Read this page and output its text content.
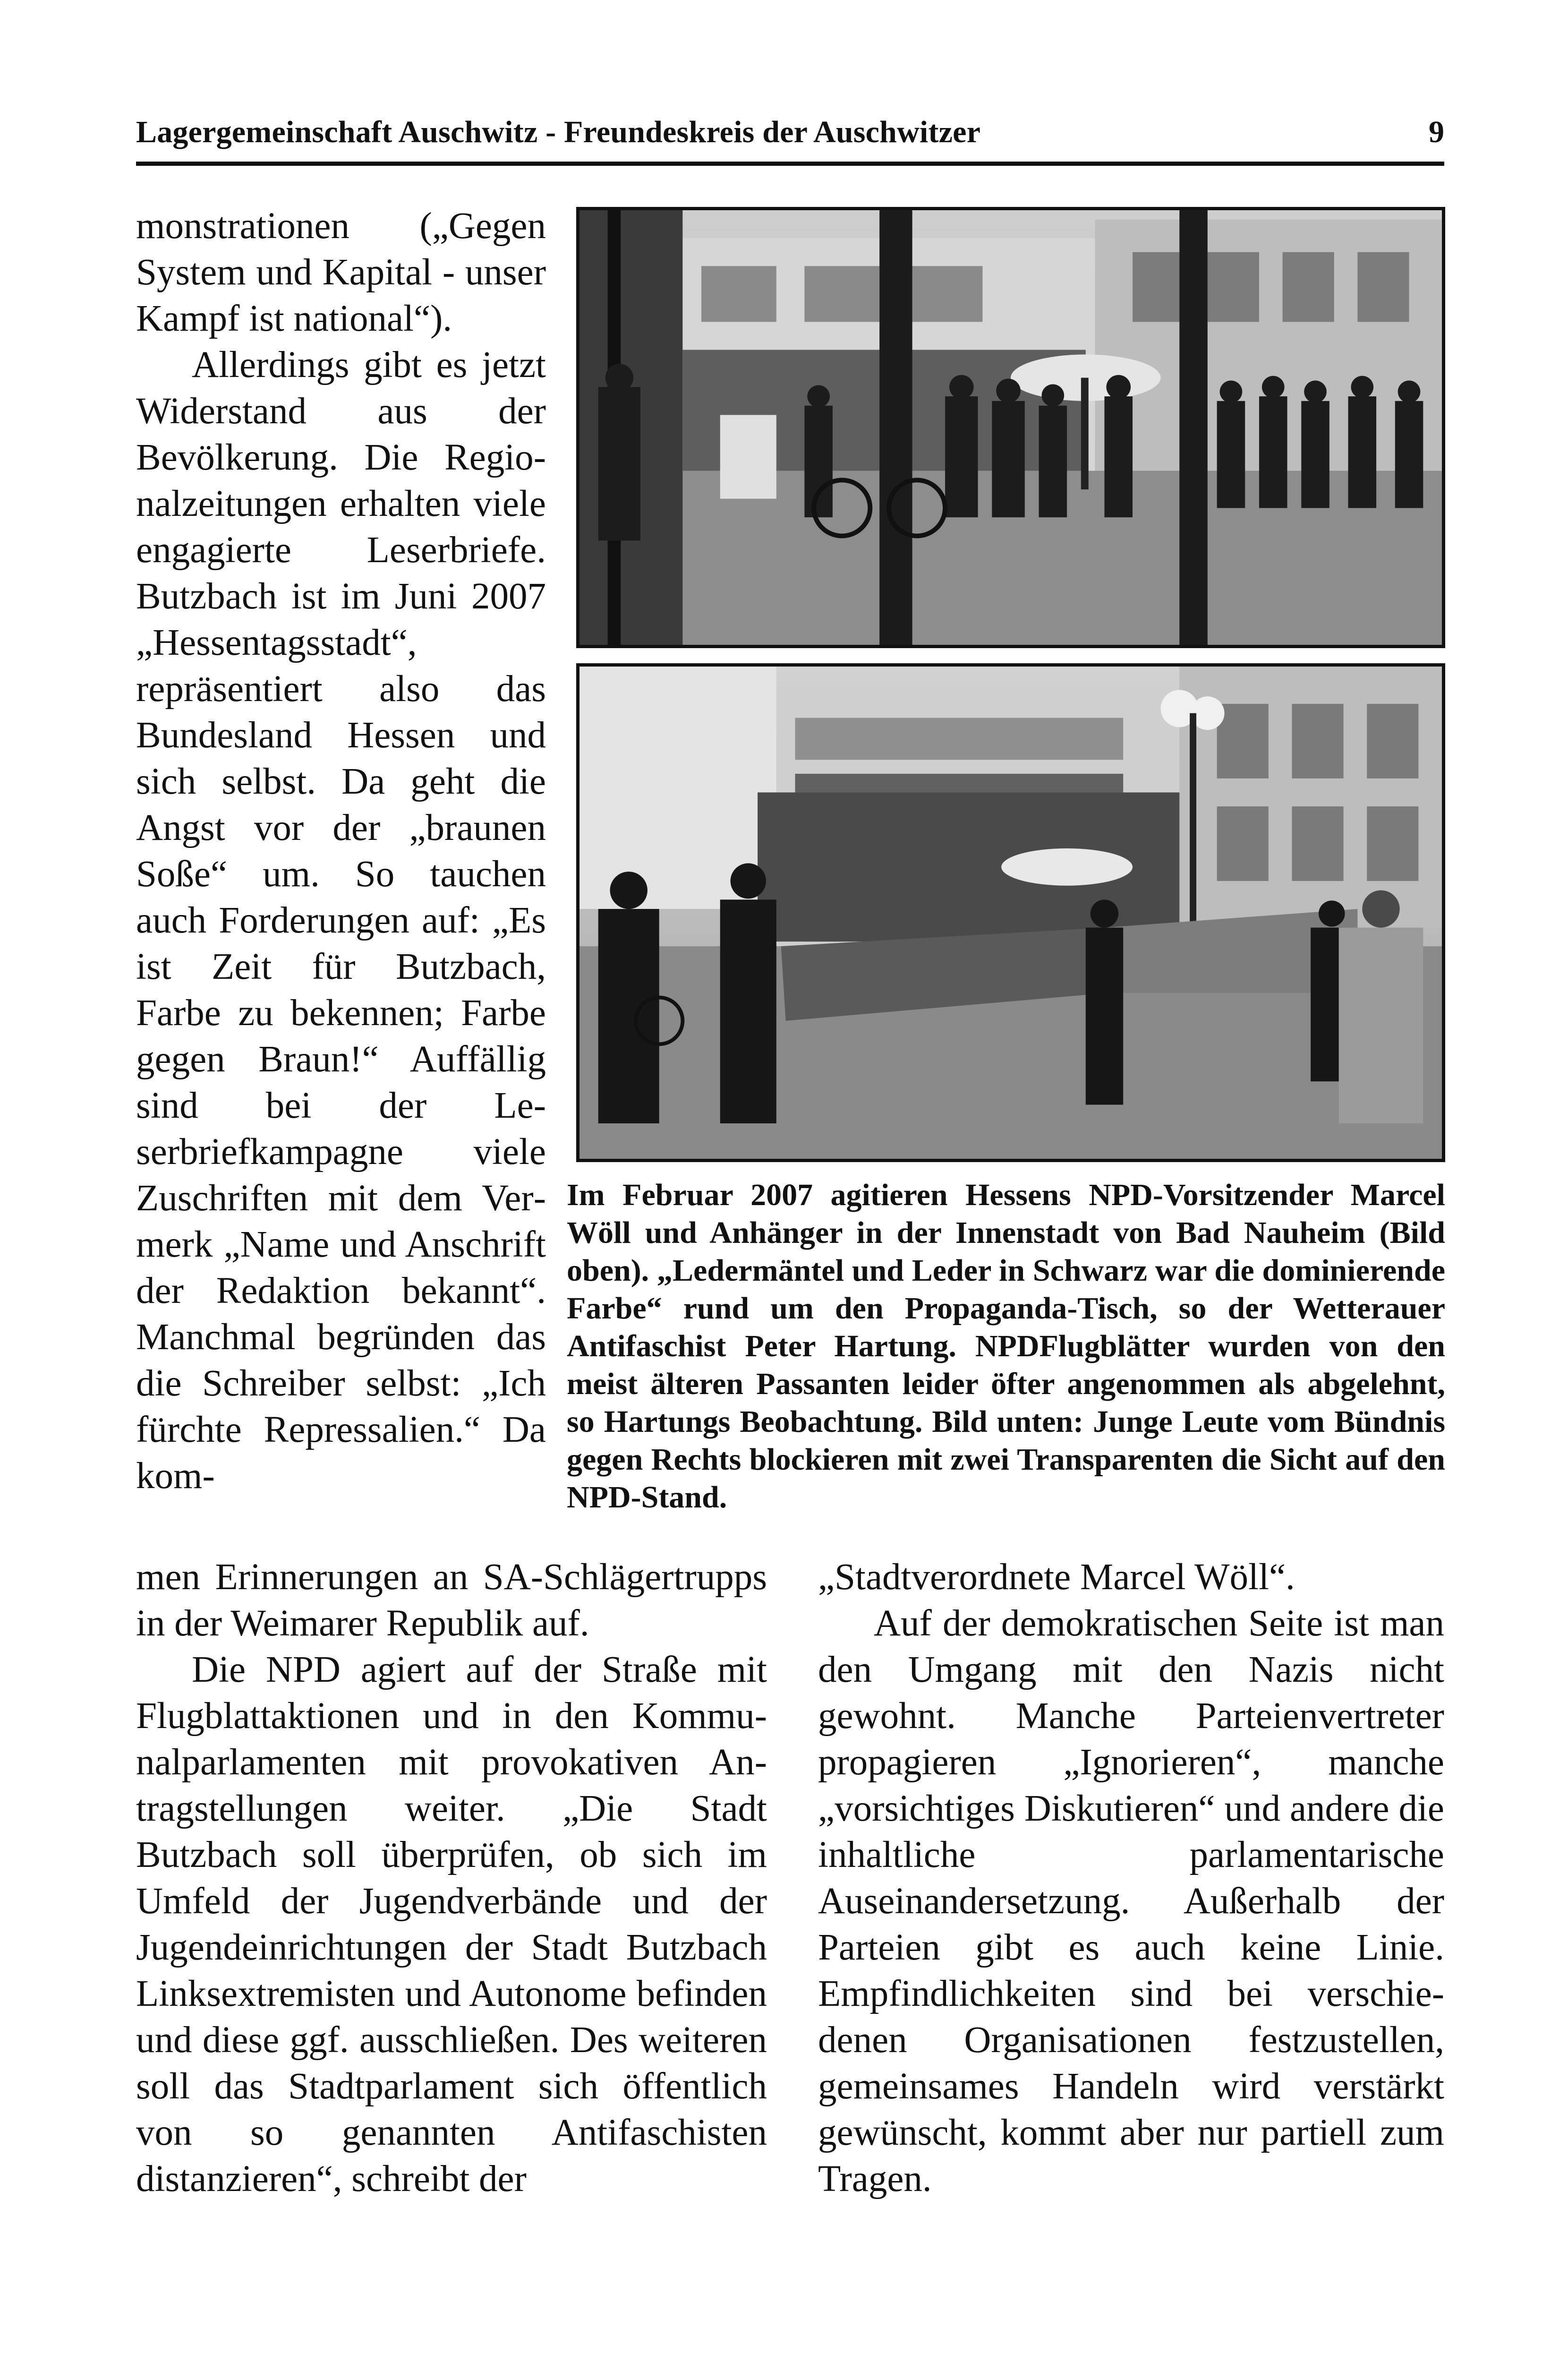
Lagergemeinschaft Auschwitz - Freundeskreis der Auschwitzer	9

monstrationen („Gegen System und Kapital - unser Kampf ist national“).

Allerdings gibt es jetzt Widerstand aus der Bevölkerung. Die Regionalzeitungen erhalten viele engagierte Leserbriefe. Butzbach ist im Juni 2007 „Hessentagsstadt“, repräsentiert also das Bundesland Hessen und sich selbst. Da geht die Angst vor der „braunen Soße“ um. So tauchen auch Forderungen auf: „Es ist Zeit für Butzbach, Farbe zu bekennen; Farbe gegen Braun!“ Auffällig sind bei der Leserbriefkampagne viele Zuschriften mit dem Vermerk „Name und Anschrift der Redaktion bekannt“. Manchmal begründen das die Schreiber selbst: „Ich fürchte Repressalien.“ Da kom-

Im Februar 2007 agitieren Hessens NPD-Vorsitzender Marcel Wöll und Anhänger in der Innenstadt von Bad Nauheim (Bild oben). „Ledermäntel und Leder in Schwarz war die dominierende Farbe“ rund um den Propaganda-Tisch, so der Wetterauer Antifaschist Peter Hartung. NPDFlugblätter wurden von den meist älteren Passanten leider öfter angenommen als abgelehnt, so Hartungs Beobachtung. Bild unten: Junge Leute vom Bündnis gegen Rechts blockieren mit zwei Transparenten die Sicht auf den NPD-Stand.

men Erinnerungen an SA-Schlägertrupps in der Weimarer Republik auf.

Die NPD agiert auf der Straße mit Flugblattaktionen und in den Kommunalparlamenten mit provokativen Antragstellungen weiter. „Die Stadt Butzbach soll überprüfen, ob sich im Umfeld der Jugendverbände und der Jugendeinrichtungen der Stadt Butzbach Linksextremisten und Autonome befinden und diese ggf. ausschließen. Des weiteren soll das Stadtparlament sich öffentlich von so genannten Antifaschisten distanzieren“, schreibt der

„Stadtverordnete Marcel Wöll“.

Auf der demokratischen Seite ist man den Umgang mit den Nazis nicht gewohnt. Manche Parteienvertreter propagieren „Ignorieren“, manche „vorsichtiges Diskutieren“ und andere die inhaltliche parlamentarische Auseinandersetzung. Außerhalb der Parteien gibt es auch keine Linie. Empfindlichkeiten sind bei verschiedenen Organisationen festzustellen, gemeinsames Handeln wird verstärkt gewünscht, kommt aber nur partiell zum Tragen.
